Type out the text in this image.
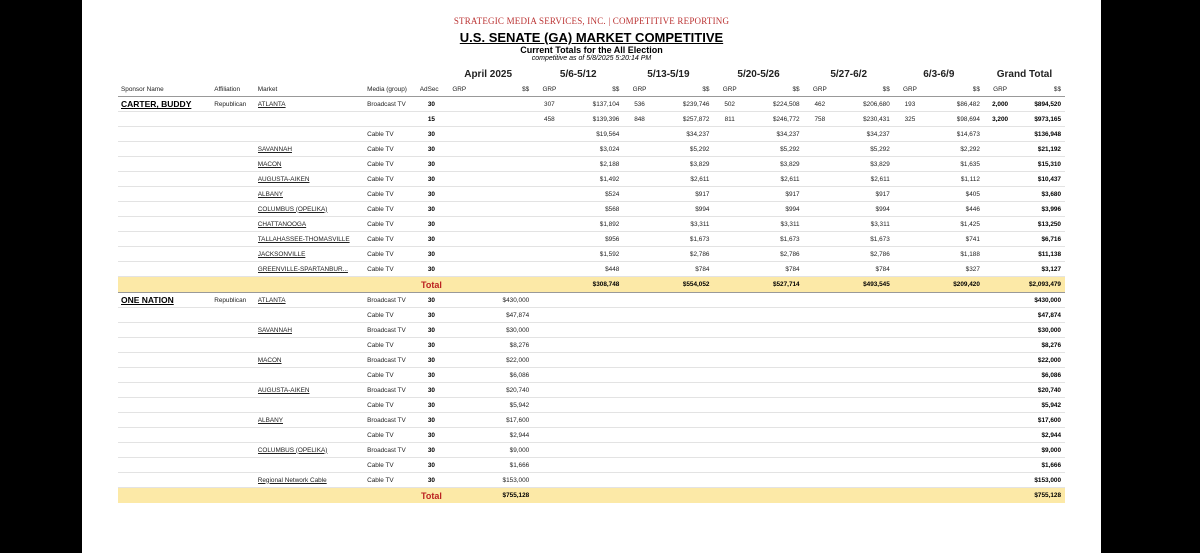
STRATEGIC MEDIA SERVICES, INC. | COMPETITIVE REPORTING
U.S. SENATE (GA) MARKET COMPETITIVE
Current Totals for the All Election
competitive as of 5/8/2025 5:20:14 PM
					April 2025		5/6-5/12		5/13-5/19		5/20-5/26		5/27-6/2		6/3-6/9		Grand Total	
Sponsor Name	Affiliation	Market	Media (group)	AdSec	GRP	$$	GRP	$$	GRP	$$	GRP	$$	GRP	$$	GRP	$$	GRP	$$
CARTER, BUDDY	Republican	ATLANTA	Broadcast TV	30			307	$137,104	536	$239,746	502	$224,508	462	$206,680	193	$86,482	2,000	$894,520
				15			458	$139,396	848	$257,872	811	$246,772	758	$230,431	325	$98,694	3,200	$973,165
			Cable TV	30				$19,564		$34,237		$34,237		$34,237		$14,673		$136,948
		SAVANNAH	Cable TV	30				$3,024		$5,292		$5,292		$5,292		$2,292		$21,192
		MACON	Cable TV	30				$2,188		$3,829		$3,829		$3,829		$1,635		$15,310
		AUGUSTA-AIKEN	Cable TV	30				$1,492		$2,611		$2,611		$2,611		$1,112		$10,437
		ALBANY	Cable TV	30				$524		$917		$917		$917		$405		$3,680
		COLUMBUS (OPELIKA)	Cable TV	30				$568		$994		$994		$994		$446		$3,996
		CHATTANOOGA	Cable TV	30				$1,892		$3,311		$3,311		$3,311		$1,425		$13,250
		TALLAHASSEE-THOMASVILLE	Cable TV	30				$956		$1,673		$1,673		$1,673		$741		$6,716
		JACKSONVILLE	Cable TV	30				$1,592		$2,786		$2,786		$2,786		$1,188		$11,138
		GREENVILLE-SPARTANBUR...	Cable TV	30				$448		$784		$784		$784		$327		$3,127
				Total				$308,748		$554,052		$527,714		$493,545		$209,420		$2,093,479
ONE NATION	Republican	ATLANTA	Broadcast TV	30		$430,000												$430,000
			Cable TV	30		$47,874												$47,874
		SAVANNAH	Broadcast TV	30		$30,000												$30,000
			Cable TV	30		$8,276												$8,276
		MACON	Broadcast TV	30		$22,000												$22,000
			Cable TV	30		$6,086												$6,086
		AUGUSTA-AIKEN	Broadcast TV	30		$20,740												$20,740
			Cable TV	30		$5,942												$5,942
		ALBANY	Broadcast TV	30		$17,600												$17,600
			Cable TV	30		$2,944												$2,944
		COLUMBUS (OPELIKA)	Broadcast TV	30		$9,000												$9,000
			Cable TV	30		$1,666												$1,666
		Regional Network Cable	Cable TV	30		$153,000												$153,000
				Total		$755,128												$755,128
